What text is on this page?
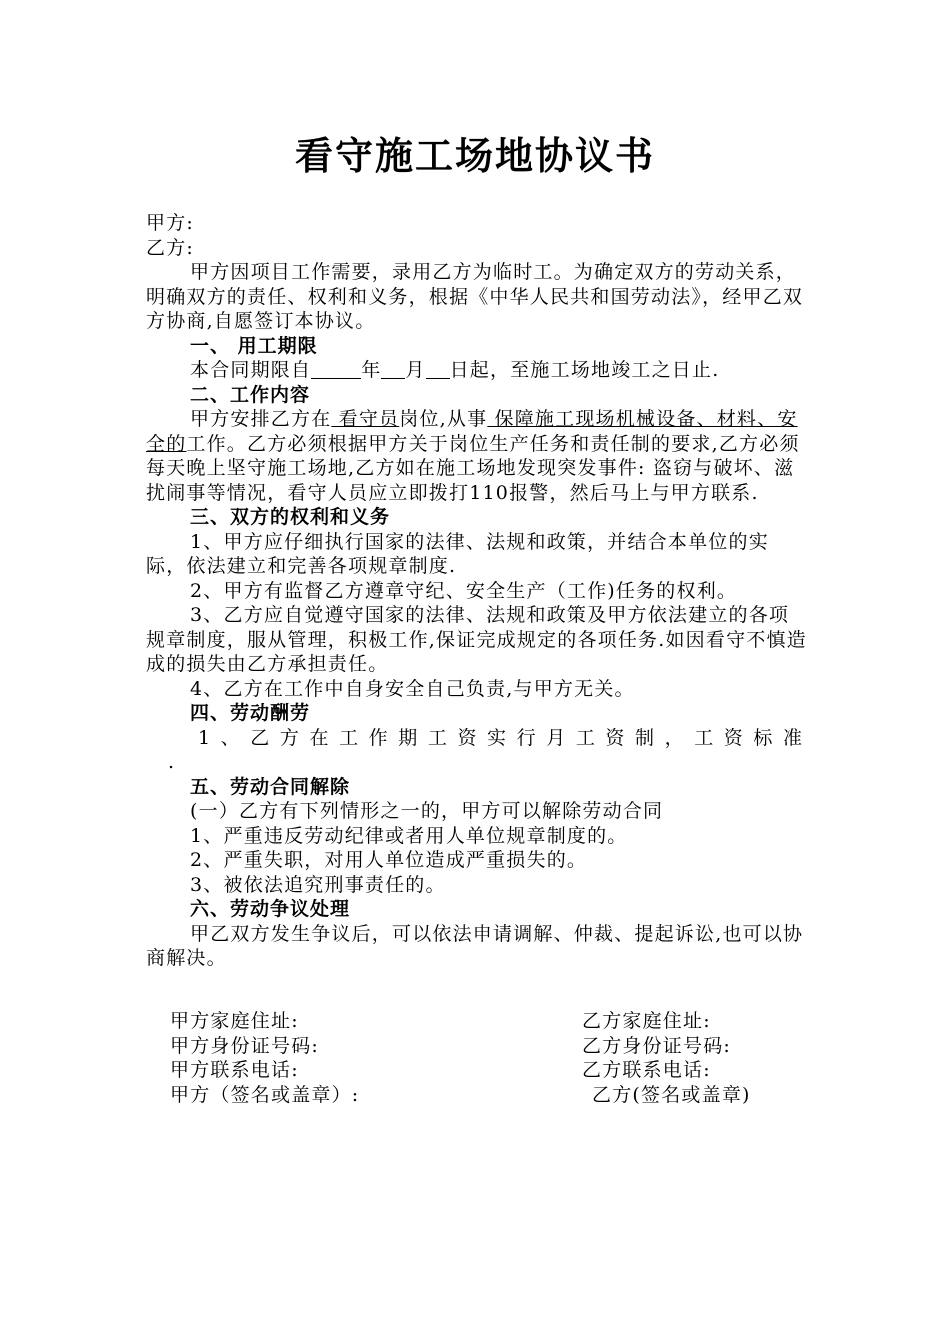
看守施工场地协议书

甲方:

乙方:

甲方因项目工作需要，录用乙方为临时工。为确定双方的劳动关系，明确双方的责任、权利和义务，根据《中华人民共和国劳动法》，经甲乙双方协商,自愿签订本协议。

一、 用工期限

本合同期限自	年 月 日起，至施工场地竣工之日止.

二、工作内容

甲方安排乙方在 看守员岗位,从事 保障施工现场机械设备、材料、安全的工作。乙方必须根据甲方关于岗位生产任务和责任制的要求,乙方必须每天晚上坚守施工场地,乙方如在施工场地发现突发事件: 盗窃与破坏、滋扰闹事等情况，看守人员应立即拨打110报警，然后马上与甲方联系.

三、双方的权利和义务

1、甲方应仔细执行国家的法律、法规和政策，并结合本单位的实际，依法建立和完善各项规章制度.

2、甲方有监督乙方遵章守纪、安全生产（工作)任务的权利。

3、乙方应自觉遵守国家的法律、法规和政策及甲方依法建立的各项规章制度，服从管理，积极工作,保证完成规定的各项任务.如因看守不慎造成的损失由乙方承担责任。

4、乙方在工作中自身安全自己负责,与甲方无关。

四、劳动酬劳

1、乙方在工作期工资实行月工资制，工资标准

.

五、劳动合同解除

(一）乙方有下列情形之一的，甲方可以解除劳动合同

1、严重违反劳动纪律或者用人单位规章制度的。

2、严重失职，对用人单位造成严重损失的。

3、被依法追究刑事责任的。

六、劳动争议处理

甲乙双方发生争议后，可以依法申请调解、仲裁、提起诉讼,也可以协商解决。

甲方家庭住址:	乙方家庭住址:
甲方身份证号码:	乙方身份证号码:
甲方联系电话:	乙方联系电话:
甲方（签名或盖章）:	乙方(签名或盖章)
